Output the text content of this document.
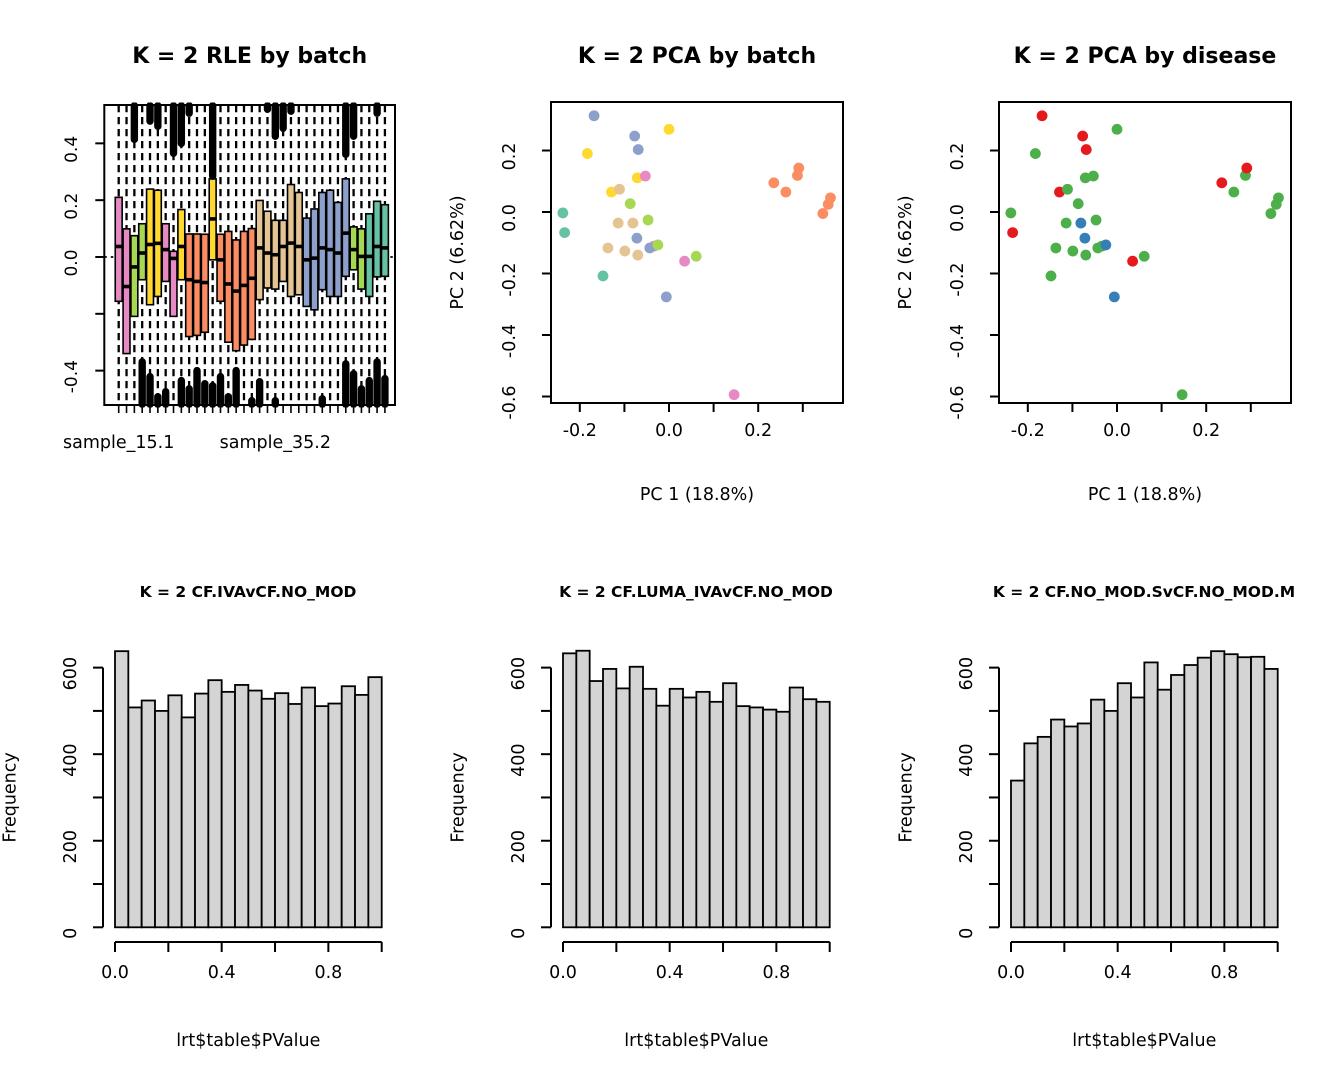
K = 2 RLE by batch
0.4
0.2
0.0
-0.4
sample_15.1	sample_35.2
K = 2 PCA by batch
-0.2	0.0	0.2
0.2
0.0
-0.2
-0.4
-0.6
PC 1 (18.8%)
PC 2 (6.62%)
K = 2 PCA by disease
-0.2	0.0	0.2
0.2
0.0
-0.2
-0.4
-0.6
PC 1 (18.8%)
PC 2 (6.62%)
K = 2 CF.IVAvCF.NO_MOD
0
200
400
600
0.0	0.4	0.8
lrt$table$PValue
Frequency
K = 2 CF.LUMA_IVAvCF.NO_MOD
0
200
400
600
0.0	0.4	0.8
lrt$table$PValue
Frequency
K = 2 CF.NO_MOD.SvCF.NO_MOD.M
0
200
400
600
0.0	0.4	0.8
lrt$table$PValue
Frequency
